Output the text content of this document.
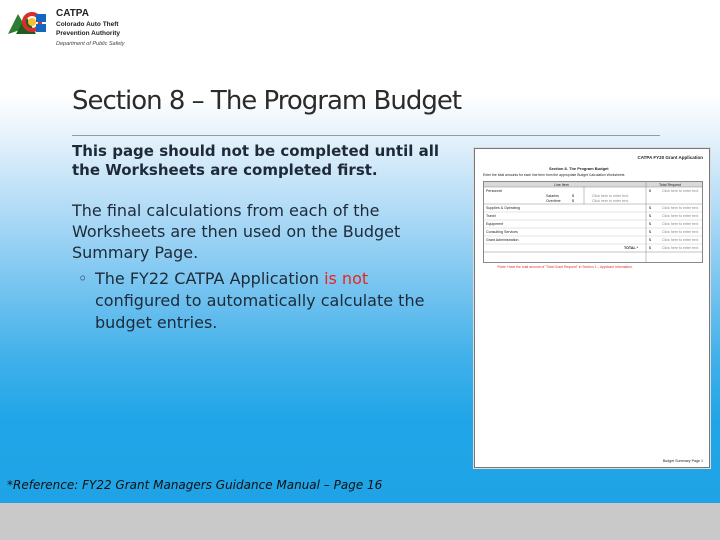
CATPA
Colorado Auto Theft
Prevention Authority
Department of Public Safety
Section 8 – The Program Budget
This page should not be completed until all the Worksheets are completed first.
The final calculations from each of the Worksheets are then used on the Budget Summary Page.
◦ The FY22 CATPA Application is not configured to automatically calculate the budget entries.
CATPA FY20 Grant Application
Section 8. The Program Budget
Enter the total amounts for each line item from the appropriate Budget Calculation Worksheets
Line Item	Total Request
Personnel	$	Click here to enter text.
Salaries	$	Click here to enter text.
Overtime	$	Click here to enter text.
Supplies & Operating	$	Click here to enter text.
Travel	$	Click here to enter text.
Equipment	$	Click here to enter text.
Consulting Services	$	Click here to enter text.
Grant Administration	$	Click here to enter text.
TOTAL *	$	Click here to enter text.
*Note: Have the total amount of "Total Grant Request" in Section 1 – Applicant Information.
Budget Summary Page 1
*Reference: FY22 Grant Managers Guidance Manual – Page 16
